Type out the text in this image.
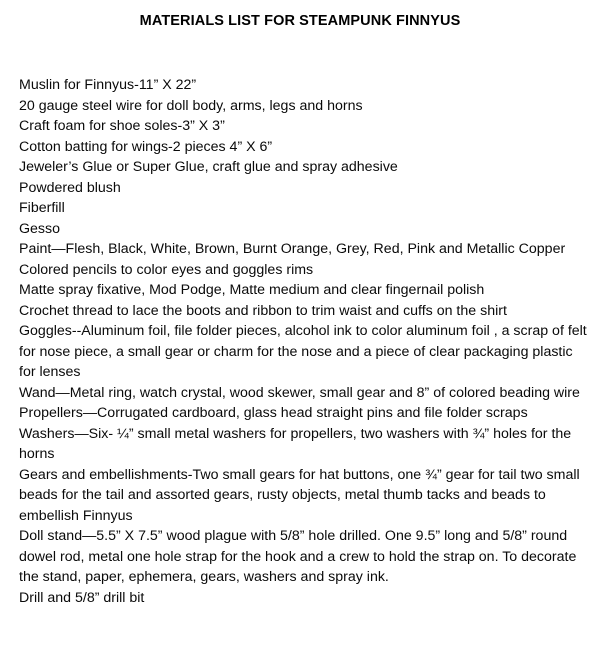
MATERIALS LIST FOR STEAMPUNK FINNYUS
Muslin for Finnyus-11” X 22”
20 gauge steel wire for doll body, arms, legs and horns
Craft foam for shoe soles-3” X 3”
Cotton batting for wings-2 pieces 4” X 6”
Jeweler’s Glue or Super Glue, craft glue and spray adhesive
Powdered blush
Fiberfill
Gesso
Paint—Flesh, Black, White, Brown, Burnt Orange, Grey, Red, Pink and Metallic Copper
Colored pencils to color eyes and goggles rims
Matte spray fixative, Mod Podge, Matte medium and clear fingernail polish
Crochet thread to lace the boots and ribbon to trim waist and cuffs on the shirt
Goggles--Aluminum foil, file folder pieces, alcohol ink to color aluminum foil , a scrap of felt for nose piece, a small gear or charm for the nose and a piece of clear packaging plastic for lenses
Wand—Metal ring, watch crystal, wood skewer, small gear and 8” of colored beading wire
Propellers—Corrugated cardboard, glass head straight pins and file folder scraps
Washers—Six- ¼” small metal washers for propellers, two washers with ¾” holes for the horns
Gears and embellishments-Two small gears for hat buttons, one ¾” gear for tail two small beads for the tail and assorted gears, rusty objects, metal thumb tacks and beads to embellish Finnyus
Doll stand—5.5” X 7.5” wood plague with 5/8” hole drilled. One 9.5” long and 5/8” round dowel rod, metal one hole strap for the hook and a crew to hold the strap on. To decorate the stand, paper, ephemera, gears, washers and spray ink.
Drill and 5/8” drill bit
